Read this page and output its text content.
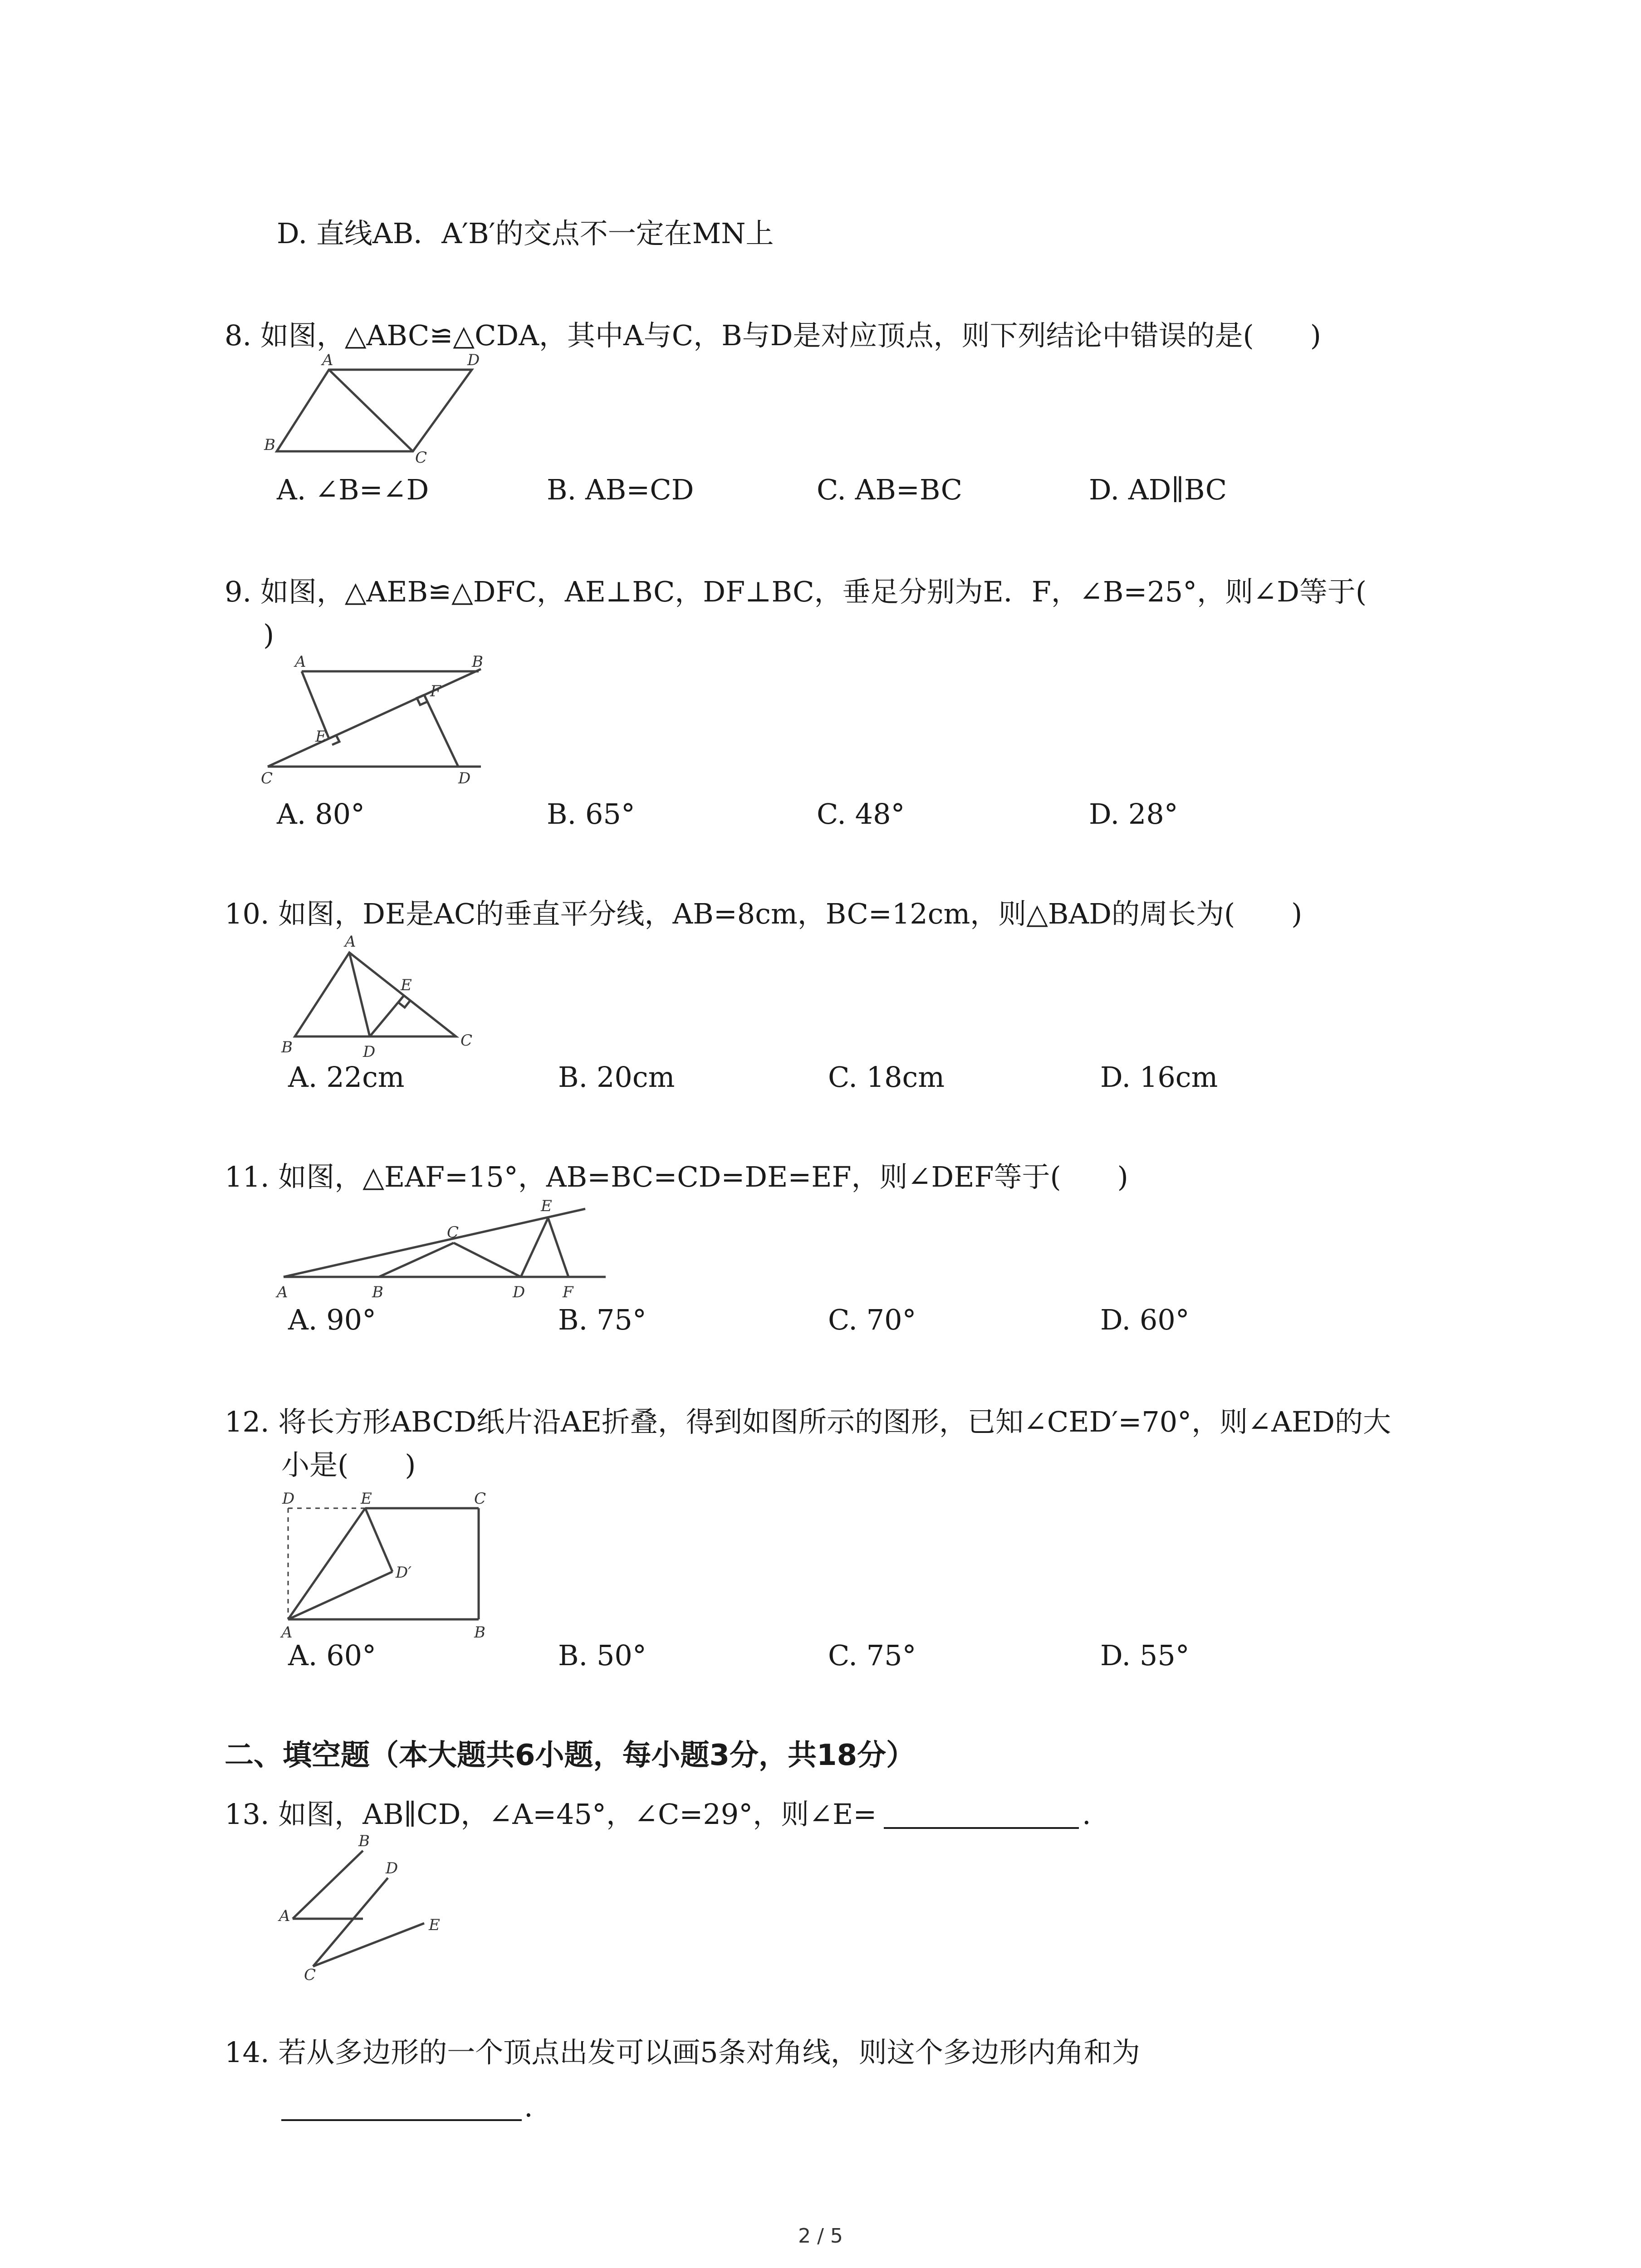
D. 直线AB．A′B′的交点不一定在MN上
8. 如图，△ABC≌△CDA，其中A与C，B与D是对应顶点，则下列结论中错误的是(　　)
A	D
B
C
A. ∠B=∠D	B. AB=CD	C. AB=BC	D. AD∥BC
9. 如图，△AEB≌△DFC，AE⊥BC，DF⊥BC，垂足分别为E．F，∠B=25°，则∠D等于(
)
A	B
C	D
E
F
A. 80°	B. 65°	C. 48°	D. 28°
10. 如图，DE是AC的垂直平分线，AB=8cm，BC=12cm，则△BAD的周长为(　　)
A
B	C
D
E
A. 22cm	B. 20cm	C. 18cm	D. 16cm
11. 如图，△EAF=15°，AB=BC=CD=DE=EF，则∠DEF等于(　　)
A	B
C
D
E
F
A. 90°	B. 75°	C. 70°	D. 60°
12. 将长方形ABCD纸片沿AE折叠，得到如图所示的图形，已知∠CED′=70°，则∠AED的大
小是(　　)
D	E	C
A	B
D′
A. 60°	B. 50°	C. 75°	D. 55°
二、填空题（本大题共6小题，每小题3分，共18分）
13. 如图，AB∥CD，∠A=45°，∠C=29°，则∠E=	.
B
D
A	E
C
14. 若从多边形的一个顶点出发可以画5条对角线，则这个多边形内角和为
.
2 / 5
